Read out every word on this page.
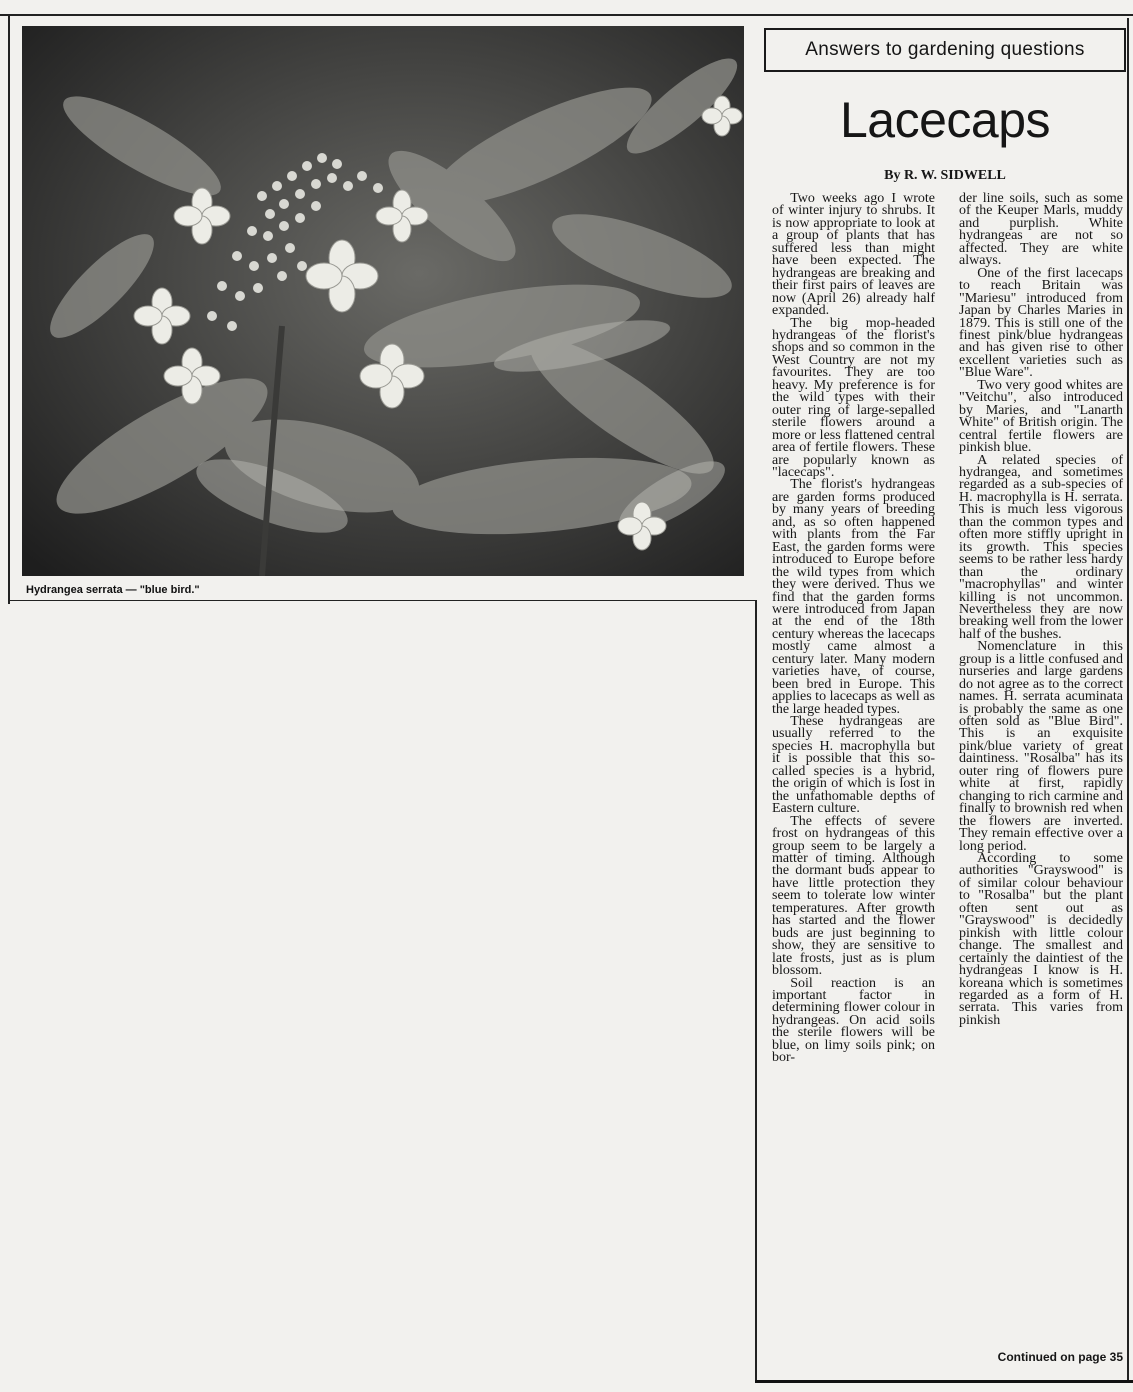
Hydrangea serrata — "blue bird."
Answers to gardening questions
Lacecaps
By R. W. SIDWELL

Two weeks ago I wrote of winter injury to shrubs. It is now appropriate to look at a group of plants that has suffered less than might have been expected. The hydrangeas are breaking and their first pairs of leaves are now (April 26) already half expanded.

The big mop-headed hydrangeas of the florist's shops and so common in the West Country are not my favourites. They are too heavy. My preference is for the wild types with their outer ring of large-sepalled sterile flowers around a more or less flattened central area of fertile flowers. These are popularly known as "lacecaps".

The florist's hydrangeas are garden forms produced by many years of breeding and, as so often happened with plants from the Far East, the garden forms were introduced to Europe before the wild types from which they were derived. Thus we find that the garden forms were introduced from Japan at the end of the 18th century whereas the lacecaps mostly came almost a century later. Many modern varieties have, of course, been bred in Europe. This applies to lacecaps as well as the large headed types.

These hydrangeas are usually referred to the species H. macrophylla but it is possible that this so-called species is a hybrid, the origin of which is lost in the unfathomable depths of Eastern culture.

The effects of severe frost on hydrangeas of this group seem to be largely a matter of timing. Although the dormant buds appear to have little protection they seem to tolerate low winter temperatures. After growth has started and the flower buds are just beginning to show, they are sensitive to late frosts, just as is plum blossom.

Soil reaction is an important factor in determining flower colour in hydrangeas. On acid soils the sterile flowers will be blue, on limy soils pink; on bor-

der line soils, such as some of the Keuper Marls, muddy and purplish. White hydrangeas are not so affected. They are white always.

One of the first lacecaps to reach Britain was "Mariesu" introduced from Japan by Charles Maries in 1879. This is still one of the finest pink/blue hydrangeas and has given rise to other excellent varieties such as "Blue Ware".

Two very good whites are "Veitchu", also introduced by Maries, and "Lanarth White" of British origin. The central fertile flowers are pinkish blue.

A related species of hydrangea, and sometimes regarded as a sub-species of H. macrophylla is H. serrata. This is much less vigorous than the common types and often more stiffly upright in its growth. This species seems to be rather less hardy than the ordinary "macrophyllas" and winter killing is not uncommon. Nevertheless they are now breaking well from the lower half of the bushes.

Nomenclature in this group is a little confused and nurseries and large gardens do not agree as to the correct names. H. serrata acuminata is probably the same as one often sold as "Blue Bird". This is an exquisite pink/blue variety of great daintiness. "Rosalba" has its outer ring of flowers pure white at first, rapidly changing to rich carmine and finally to brownish red when the flowers are inverted. They remain effective over a long period.

According to some authorities "Grayswood" is of similar colour behaviour to "Rosalba" but the plant often sent out as "Grayswood" is decidedly pinkish with little colour change. The smallest and certainly the daintiest of the hydrangeas I know is H. koreana which is sometimes regarded as a form of H. serrata. This varies from pinkish

Continued on page 35
